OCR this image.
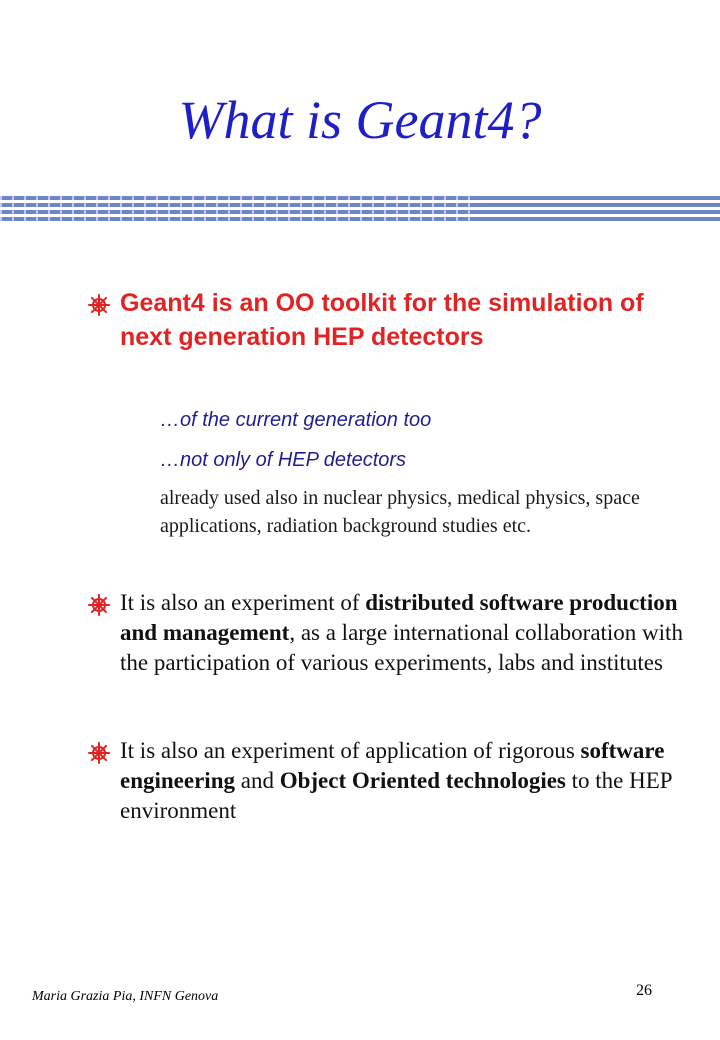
What is Geant4?
Geant4 is an OO toolkit for the simulation of next generation HEP detectors
…of the current generation too
…not only of HEP detectors
already used also in nuclear physics, medical physics, space applications, radiation background studies etc.
It is also an experiment of distributed software production and management, as a large international collaboration with the participation of various experiments, labs and institutes
It is also an experiment of application of rigorous software engineering and Object Oriented technologies to the HEP environment
Maria Grazia Pia, INFN Genova	26
